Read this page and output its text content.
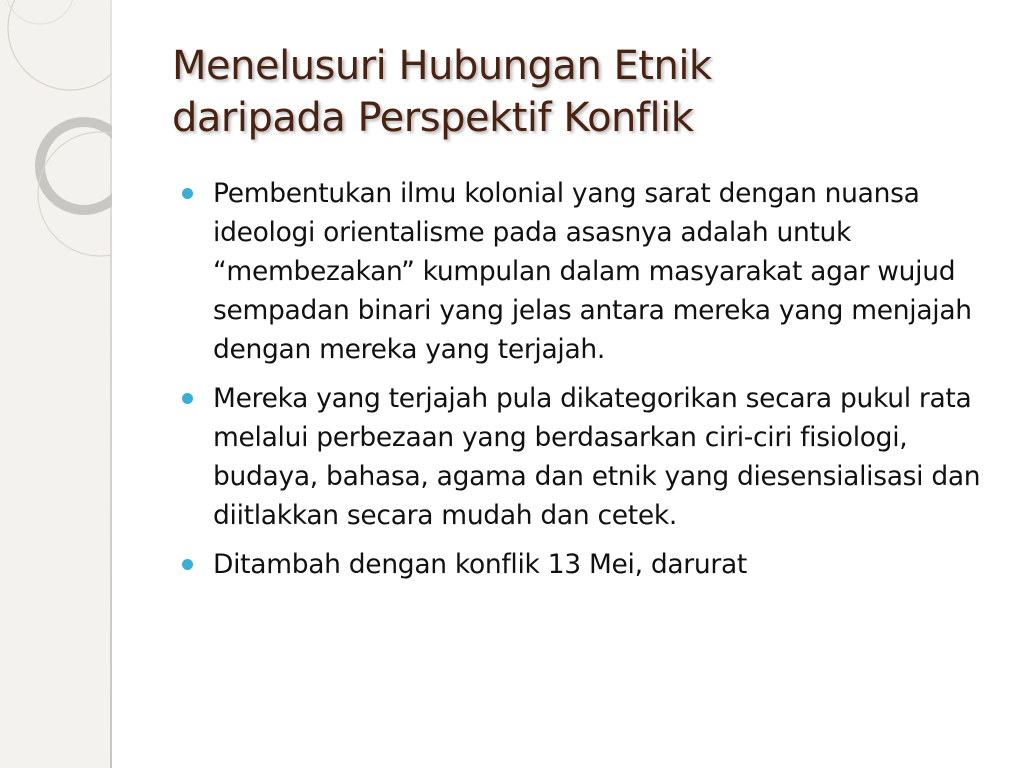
Menelusuri Hubungan Etnik
daripada Perspektif Konflik
Pembentukan ilmu kolonial yang sarat dengan nuansa ideologi orientalisme pada asasnya adalah untuk “membezakan” kumpulan dalam masyarakat agar wujud sempadan binari yang jelas antara mereka yang menjajah dengan mereka yang terjajah.
Mereka yang terjajah pula dikategorikan secara pukul rata melalui perbezaan yang berdasarkan ciri-ciri fisiologi, budaya, bahasa, agama dan etnik yang diesensialisasi dan diitlakkan secara mudah dan cetek.
Ditambah dengan konflik 13 Mei, darurat
